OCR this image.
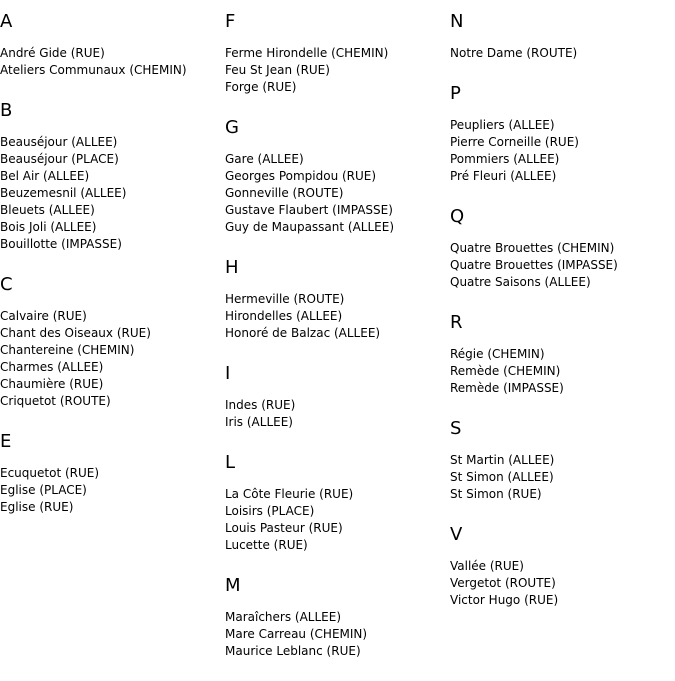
A
André Gide (RUE)
Ateliers Communaux (CHEMIN)
B
Beauséjour (ALLEE)
Beauséjour (PLACE)
Bel Air (ALLEE)
Beuzemesnil (ALLEE)
Bleuets (ALLEE)
Bois Joli (ALLEE)
Bouillotte (IMPASSE)
C
Calvaire (RUE)
Chant des Oiseaux (RUE)
Chantereine (CHEMIN)
Charmes (ALLEE)
Chaumière (RUE)
Criquetot (ROUTE)
E
Ecuquetot (RUE)
Eglise (PLACE)
Eglise (RUE)
F
Ferme Hirondelle (CHEMIN)
Feu St Jean (RUE)
Forge (RUE)
G
Gare (ALLEE)
Georges Pompidou (RUE)
Gonneville (ROUTE)
Gustave Flaubert (IMPASSE)
Guy de Maupassant (ALLEE)
H
Hermeville (ROUTE)
Hirondelles (ALLEE)
Honoré de Balzac (ALLEE)
I
Indes (RUE)
Iris (ALLEE)
L
La Côte Fleurie (RUE)
Loisirs (PLACE)
Louis Pasteur (RUE)
Lucette (RUE)
M
Maraîchers (ALLEE)
Mare Carreau (CHEMIN)
Maurice Leblanc (RUE)
N
Notre Dame (ROUTE)
P
Peupliers (ALLEE)
Pierre Corneille (RUE)
Pommiers (ALLEE)
Pré Fleuri (ALLEE)
Q
Quatre Brouettes (CHEMIN)
Quatre Brouettes (IMPASSE)
Quatre Saisons (ALLEE)
R
Régie (CHEMIN)
Remède (CHEMIN)
Remède (IMPASSE)
S
St Martin (ALLEE)
St Simon (ALLEE)
St Simon (RUE)
V
Vallée (RUE)
Vergetot (ROUTE)
Victor Hugo (RUE)
